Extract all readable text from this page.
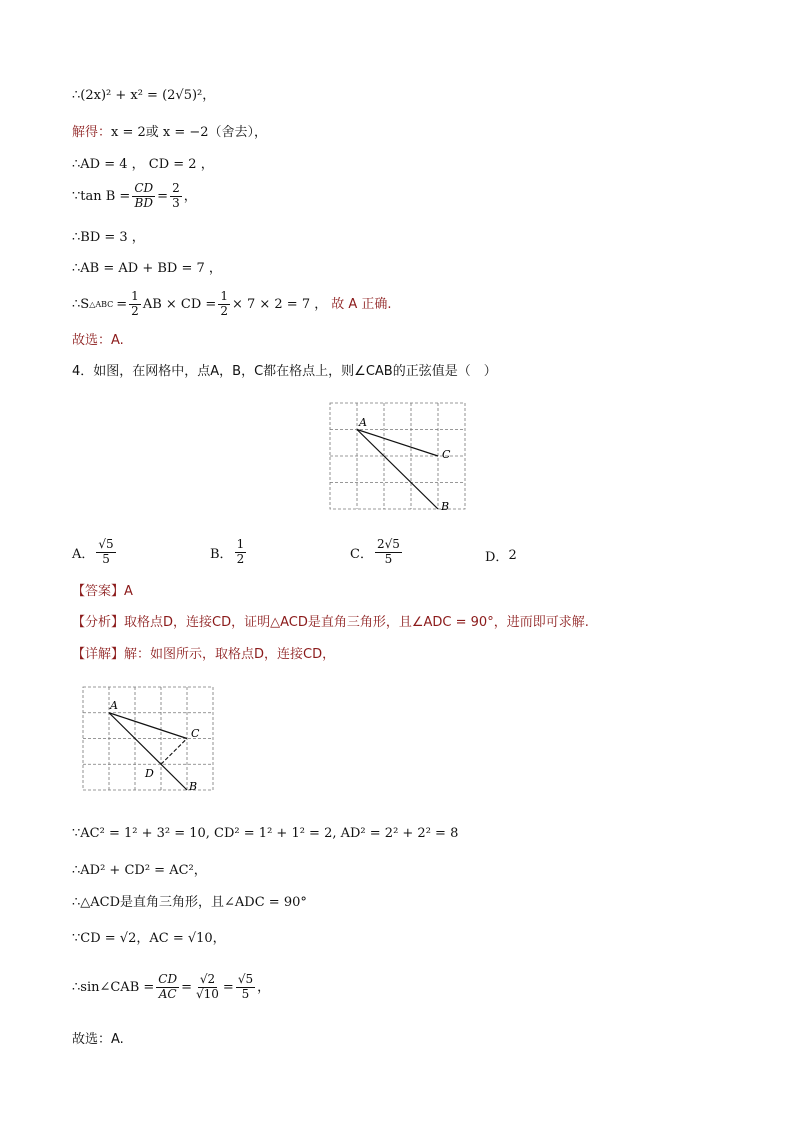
∴(2x)² + x² = (2√5)²，
解得： x = 2或 x = −2（舍去），
∴AD = 4 ， CD = 2 ，
∵tan $B = \frac{CD}{BD} = \frac{2}{3}$ ，
∴BD = 3 ，
∴AB = AD + BD = 7 ，
∴S △ABC = $\frac{1}{2}$ AB × CD = $\frac{1}{2} \times 7 \times 2 = 7$ ， 故 A 正确.
故选：A.
4．如图，在网格中，点A，B，C都在格点上，则∠CAB的正弦值是（　）
A
C
B
A． $\frac{√5}{5}$	B． $\frac{1}{2}$	C． $\frac{2√5}{5}$	D． 2
【答案】 A
【分析】 取格点D，连接CD，证明△ACD是直角三角形，且∠ADC = 90°，进而即可求解.
【详解】 解：如图所示，取格点D，连接CD，
A
C
B
D
∵AC² = 1² + 3² = 10, CD² = 1² + 1² = 2, AD² = 2² + 2² = 8
∴AD² + CD² = AC²，
∴△ACD是直角三角形，且∠ADC = 90°
∵CD = √2，AC = √10，
∴sin∠CAB = $\frac{CD}{AC} = \frac{√2}{√10} = \frac{√5}{5}$ ，
故选：A.
